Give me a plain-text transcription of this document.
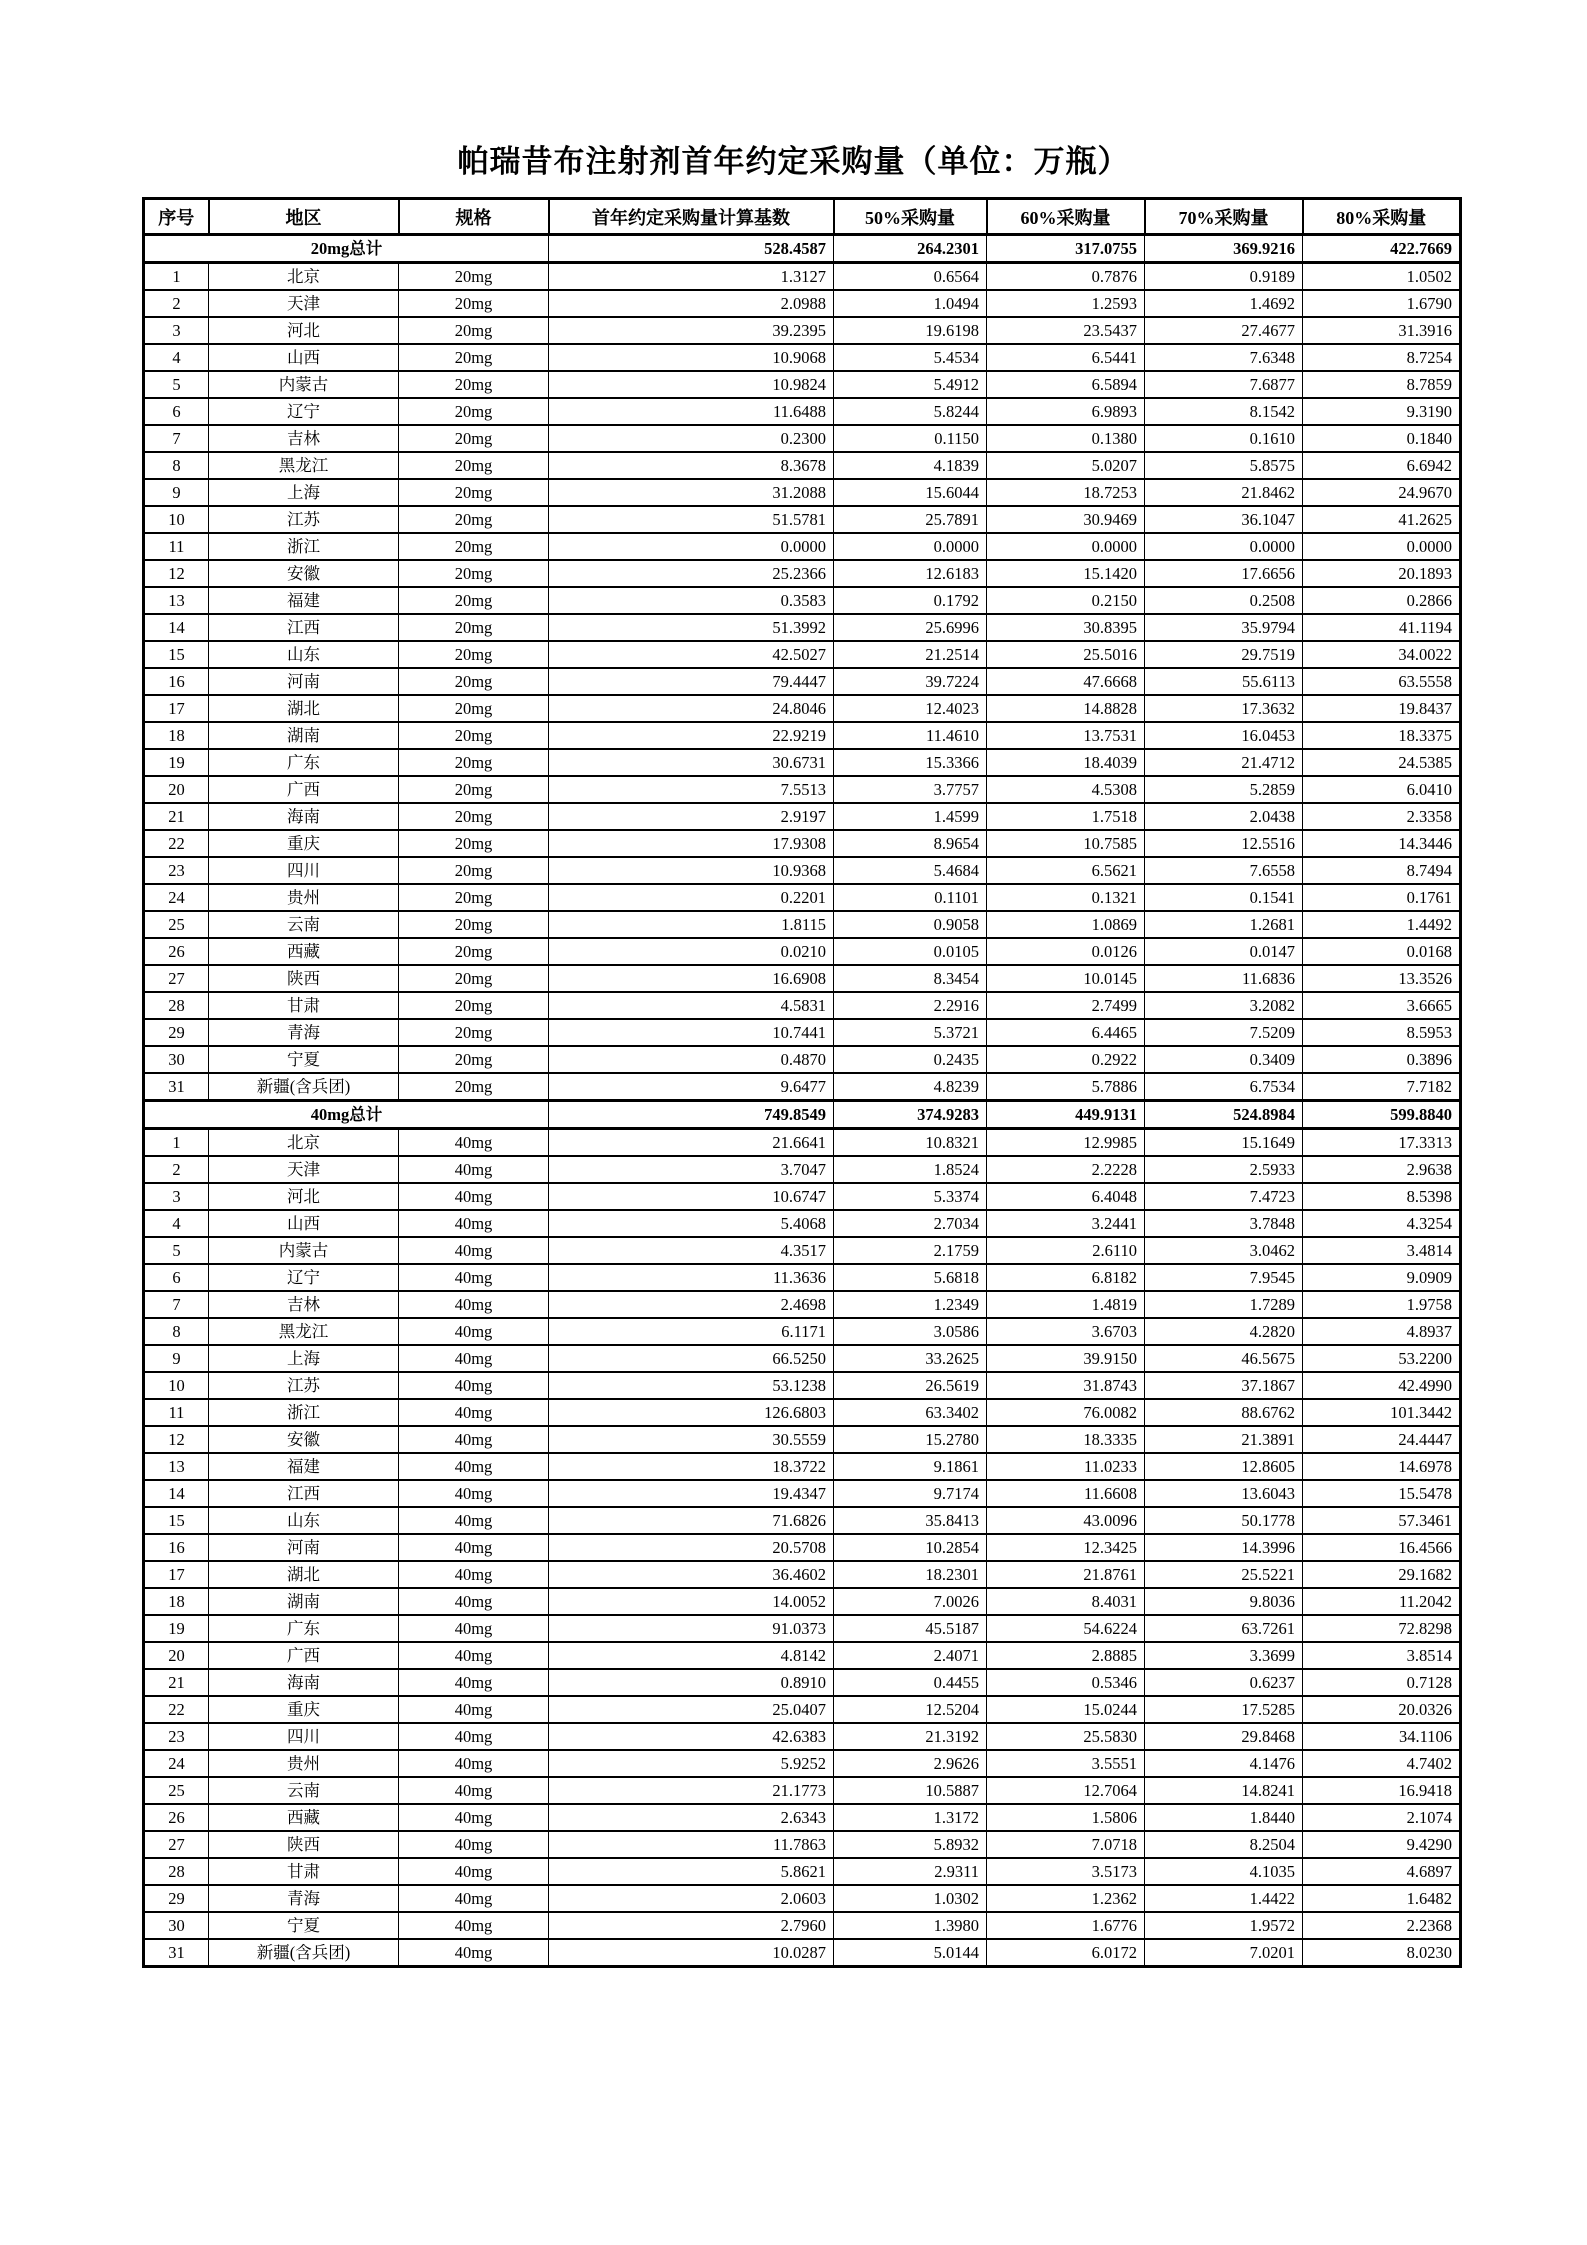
帕瑞昔布注射剂首年约定采购量（单位：万瓶）
序号	地区	规格	首年约定采购量计算基数	50%采购量	60%采购量	70%采购量	80%采购量
20mg总计			528.4587	264.2301	317.0755	369.9216	422.7669
1	北京	20mg	1.3127	0.6564	0.7876	0.9189	1.0502
2	天津	20mg	2.0988	1.0494	1.2593	1.4692	1.6790
3	河北	20mg	39.2395	19.6198	23.5437	27.4677	31.3916
4	山西	20mg	10.9068	5.4534	6.5441	7.6348	8.7254
5	内蒙古	20mg	10.9824	5.4912	6.5894	7.6877	8.7859
6	辽宁	20mg	11.6488	5.8244	6.9893	8.1542	9.3190
7	吉林	20mg	0.2300	0.1150	0.1380	0.1610	0.1840
8	黑龙江	20mg	8.3678	4.1839	5.0207	5.8575	6.6942
9	上海	20mg	31.2088	15.6044	18.7253	21.8462	24.9670
10	江苏	20mg	51.5781	25.7891	30.9469	36.1047	41.2625
11	浙江	20mg	0.0000	0.0000	0.0000	0.0000	0.0000
12	安徽	20mg	25.2366	12.6183	15.1420	17.6656	20.1893
13	福建	20mg	0.3583	0.1792	0.2150	0.2508	0.2866
14	江西	20mg	51.3992	25.6996	30.8395	35.9794	41.1194
15	山东	20mg	42.5027	21.2514	25.5016	29.7519	34.0022
16	河南	20mg	79.4447	39.7224	47.6668	55.6113	63.5558
17	湖北	20mg	24.8046	12.4023	14.8828	17.3632	19.8437
18	湖南	20mg	22.9219	11.4610	13.7531	16.0453	18.3375
19	广东	20mg	30.6731	15.3366	18.4039	21.4712	24.5385
20	广西	20mg	7.5513	3.7757	4.5308	5.2859	6.0410
21	海南	20mg	2.9197	1.4599	1.7518	2.0438	2.3358
22	重庆	20mg	17.9308	8.9654	10.7585	12.5516	14.3446
23	四川	20mg	10.9368	5.4684	6.5621	7.6558	8.7494
24	贵州	20mg	0.2201	0.1101	0.1321	0.1541	0.1761
25	云南	20mg	1.8115	0.9058	1.0869	1.2681	1.4492
26	西藏	20mg	0.0210	0.0105	0.0126	0.0147	0.0168
27	陕西	20mg	16.6908	8.3454	10.0145	11.6836	13.3526
28	甘肃	20mg	4.5831	2.2916	2.7499	3.2082	3.6665
29	青海	20mg	10.7441	5.3721	6.4465	7.5209	8.5953
30	宁夏	20mg	0.4870	0.2435	0.2922	0.3409	0.3896
31	新疆(含兵团)	20mg	9.6477	4.8239	5.7886	6.7534	7.7182
40mg总计			749.8549	374.9283	449.9131	524.8984	599.8840
1	北京	40mg	21.6641	10.8321	12.9985	15.1649	17.3313
2	天津	40mg	3.7047	1.8524	2.2228	2.5933	2.9638
3	河北	40mg	10.6747	5.3374	6.4048	7.4723	8.5398
4	山西	40mg	5.4068	2.7034	3.2441	3.7848	4.3254
5	内蒙古	40mg	4.3517	2.1759	2.6110	3.0462	3.4814
6	辽宁	40mg	11.3636	5.6818	6.8182	7.9545	9.0909
7	吉林	40mg	2.4698	1.2349	1.4819	1.7289	1.9758
8	黑龙江	40mg	6.1171	3.0586	3.6703	4.2820	4.8937
9	上海	40mg	66.5250	33.2625	39.9150	46.5675	53.2200
10	江苏	40mg	53.1238	26.5619	31.8743	37.1867	42.4990
11	浙江	40mg	126.6803	63.3402	76.0082	88.6762	101.3442
12	安徽	40mg	30.5559	15.2780	18.3335	21.3891	24.4447
13	福建	40mg	18.3722	9.1861	11.0233	12.8605	14.6978
14	江西	40mg	19.4347	9.7174	11.6608	13.6043	15.5478
15	山东	40mg	71.6826	35.8413	43.0096	50.1778	57.3461
16	河南	40mg	20.5708	10.2854	12.3425	14.3996	16.4566
17	湖北	40mg	36.4602	18.2301	21.8761	25.5221	29.1682
18	湖南	40mg	14.0052	7.0026	8.4031	9.8036	11.2042
19	广东	40mg	91.0373	45.5187	54.6224	63.7261	72.8298
20	广西	40mg	4.8142	2.4071	2.8885	3.3699	3.8514
21	海南	40mg	0.8910	0.4455	0.5346	0.6237	0.7128
22	重庆	40mg	25.0407	12.5204	15.0244	17.5285	20.0326
23	四川	40mg	42.6383	21.3192	25.5830	29.8468	34.1106
24	贵州	40mg	5.9252	2.9626	3.5551	4.1476	4.7402
25	云南	40mg	21.1773	10.5887	12.7064	14.8241	16.9418
26	西藏	40mg	2.6343	1.3172	1.5806	1.8440	2.1074
27	陕西	40mg	11.7863	5.8932	7.0718	8.2504	9.4290
28	甘肃	40mg	5.8621	2.9311	3.5173	4.1035	4.6897
29	青海	40mg	2.0603	1.0302	1.2362	1.4422	1.6482
30	宁夏	40mg	2.7960	1.3980	1.6776	1.9572	2.2368
31	新疆(含兵团)	40mg	10.0287	5.0144	6.0172	7.0201	8.0230
